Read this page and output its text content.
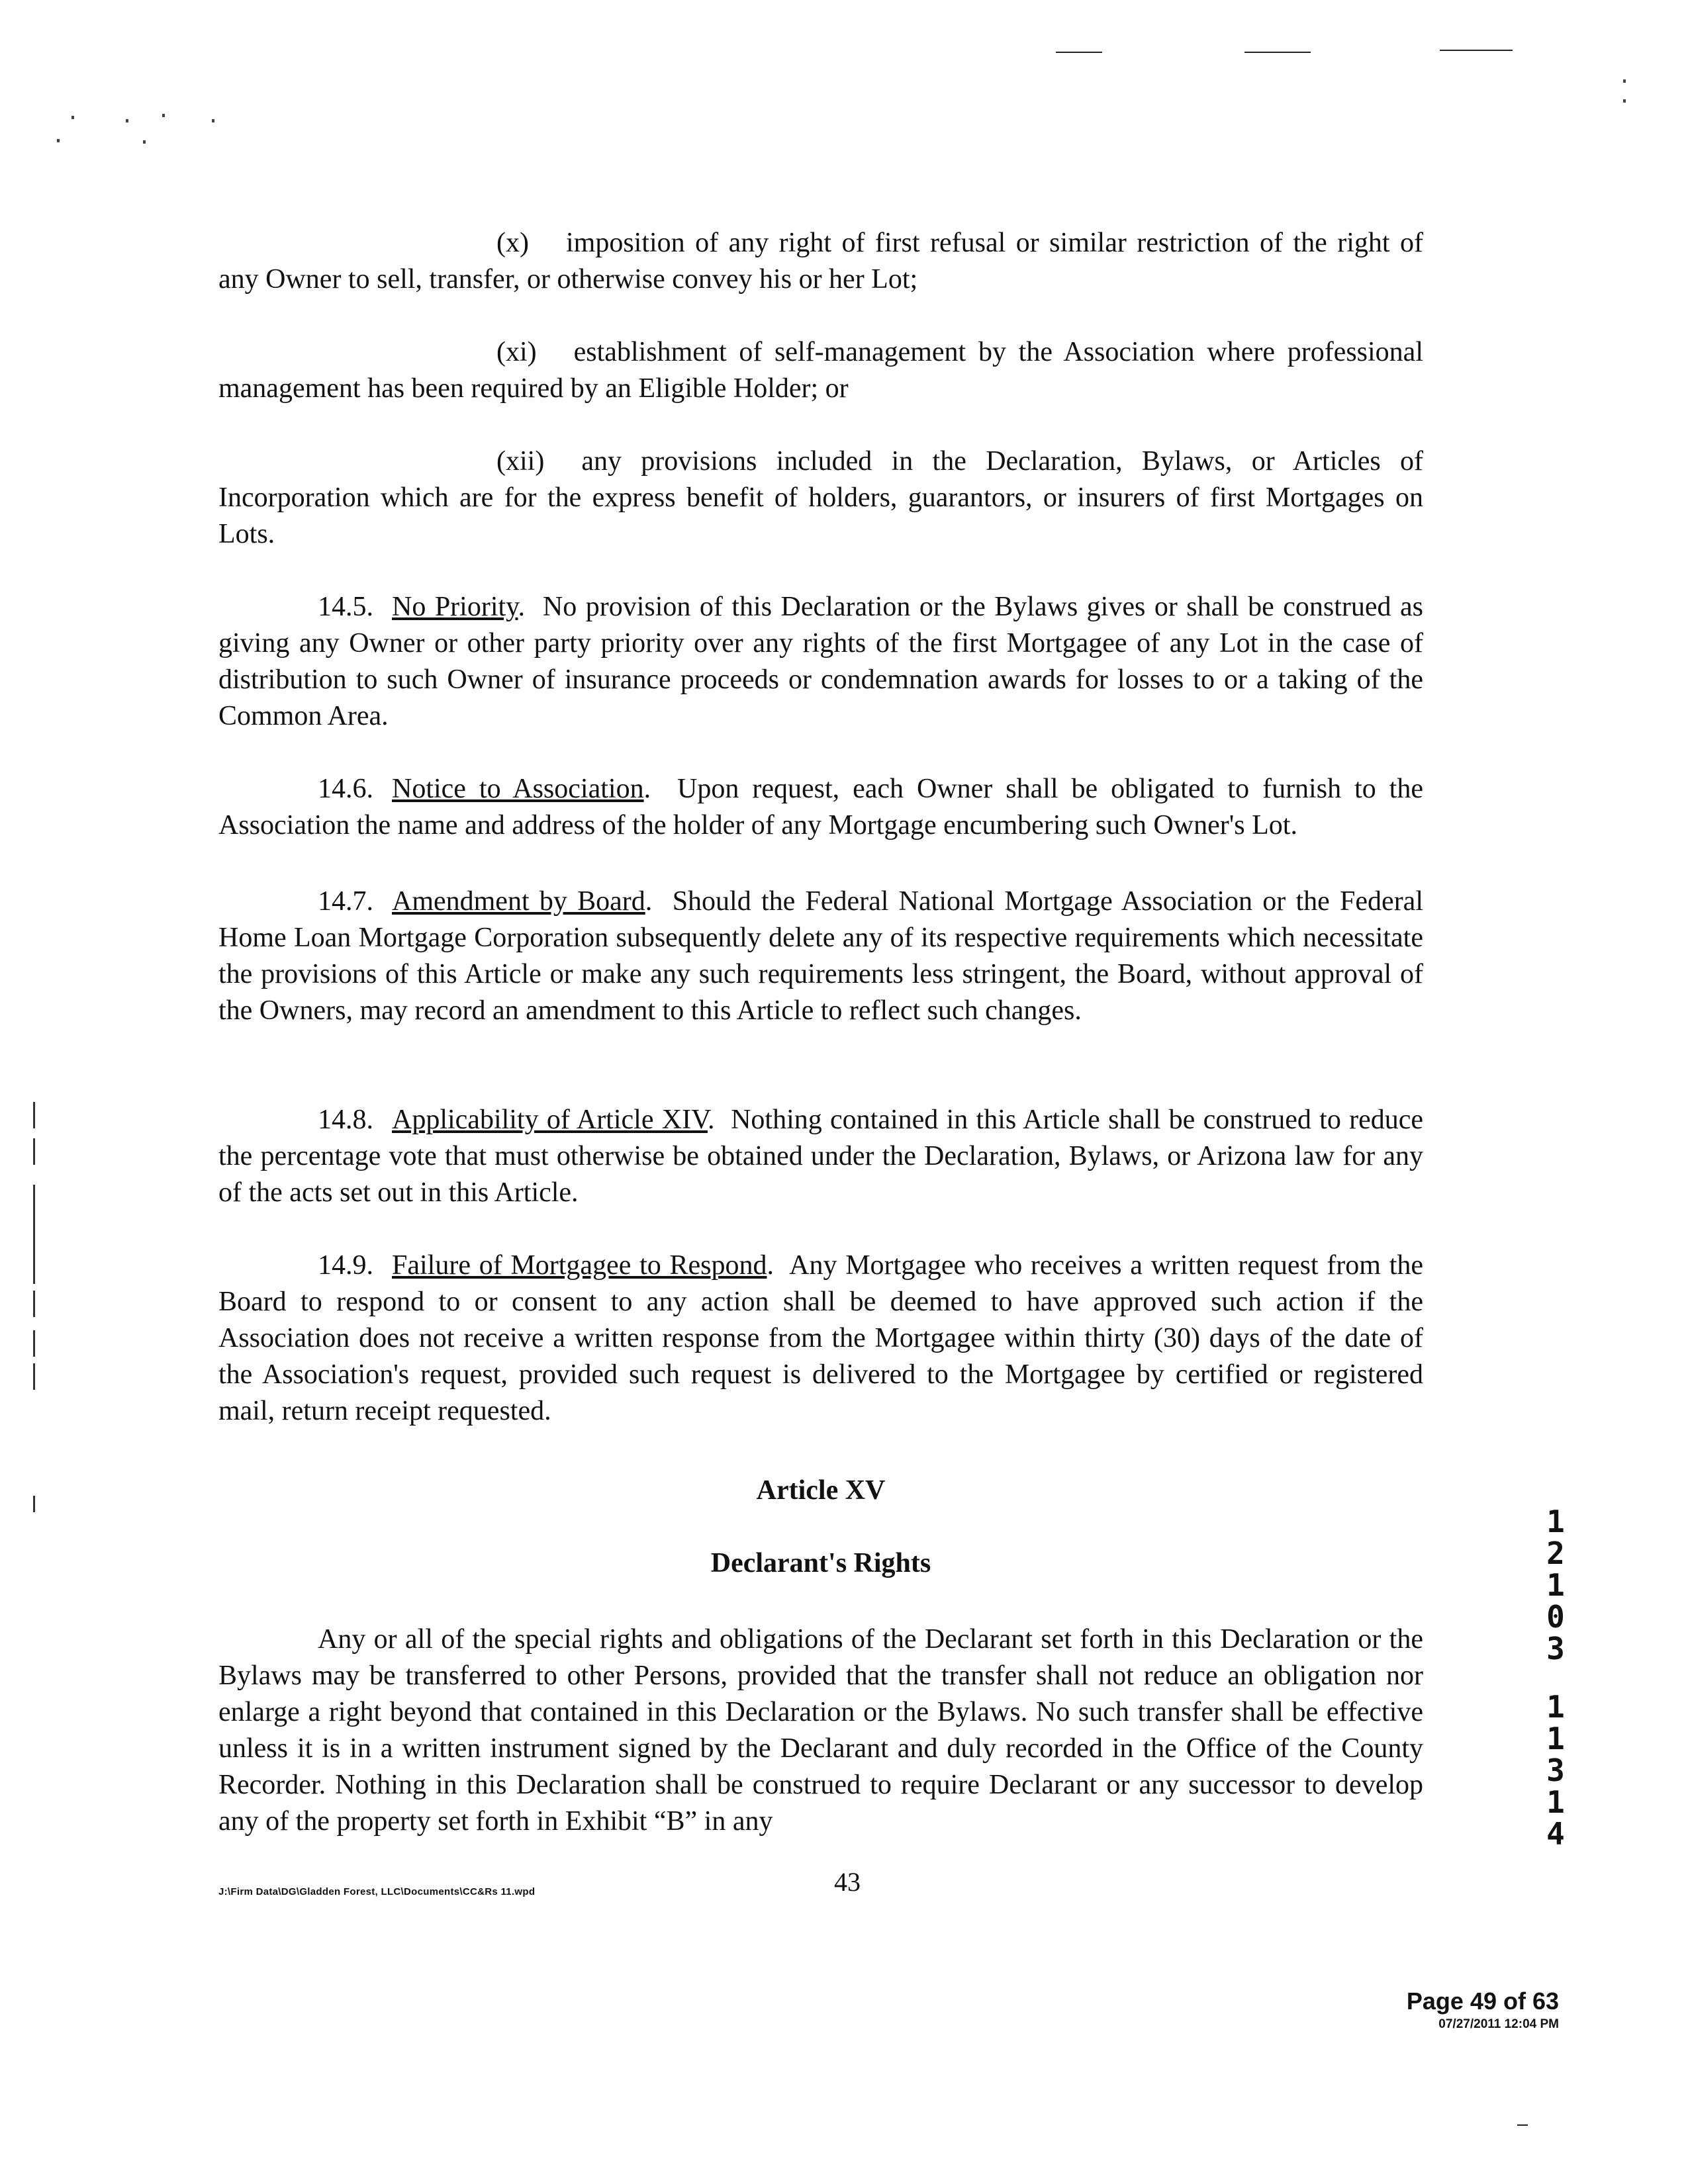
(x) imposition of any right of first refusal or similar restriction of the right of any Owner to sell, transfer, or otherwise convey his or her Lot;

(xi) establishment of self-management by the Association where professional management has been required by an Eligible Holder; or

(xii) any provisions included in the Declaration, Bylaws, or Articles of Incorporation which are for the express benefit of holders, guarantors, or insurers of first Mortgages on Lots.

14.5. No Priority.  No provision of this Declaration or the Bylaws gives or shall be construed as giving any Owner or other party priority over any rights of the first Mortgagee of any Lot in the case of distribution to such Owner of insurance proceeds or condemnation awards for losses to or a taking of the Common Area.

14.6. Notice to Association.  Upon request, each Owner shall be obligated to furnish to the Association the name and address of the holder of any Mortgage encumbering such Owner's Lot.

14.7. Amendment by Board.  Should the Federal National Mortgage Association or the Federal Home Loan Mortgage Corporation subsequently delete any of its respective requirements which necessitate the provisions of this Article or make any such requirements less stringent, the Board, without approval of the Owners, may record an amendment to this Article to reflect such changes.

14.8. Applicability of Article XIV.  Nothing contained in this Article shall be construed to reduce the percentage vote that must otherwise be obtained under the Declaration, Bylaws, or Arizona law for any of the acts set out in this Article.

14.9. Failure of Mortgagee to Respond.  Any Mortgagee who receives a written request from the Board to respond to or consent to any action shall be deemed to have approved such action if the Association does not receive a written response from the Mortgagee within thirty (30) days of the date of the Association's request, provided such request is delivered to the Mortgagee by certified or registered mail, return receipt requested.

Article XV

Declarant's Rights

Any or all of the special rights and obligations of the Declarant set forth in this Declaration or the Bylaws may be transferred to other Persons, provided that the transfer shall not reduce an obligation nor enlarge a right beyond that contained in this Declaration or the Bylaws. No such transfer shall be effective unless it is in a written instrument signed by the Declarant and duly recorded in the Office of the County Recorder. Nothing in this Declaration shall be construed to require Declarant or any successor to develop any of the property set forth in Exhibit “B” in any

1
2
1
0
3
1
1
3
1
4
J:\Firm Data\DG\Gladden Forest, LLC\Documents\CC&Rs 11.wpd	43
Page 49 of 63
07/27/2011 12:04 PM
